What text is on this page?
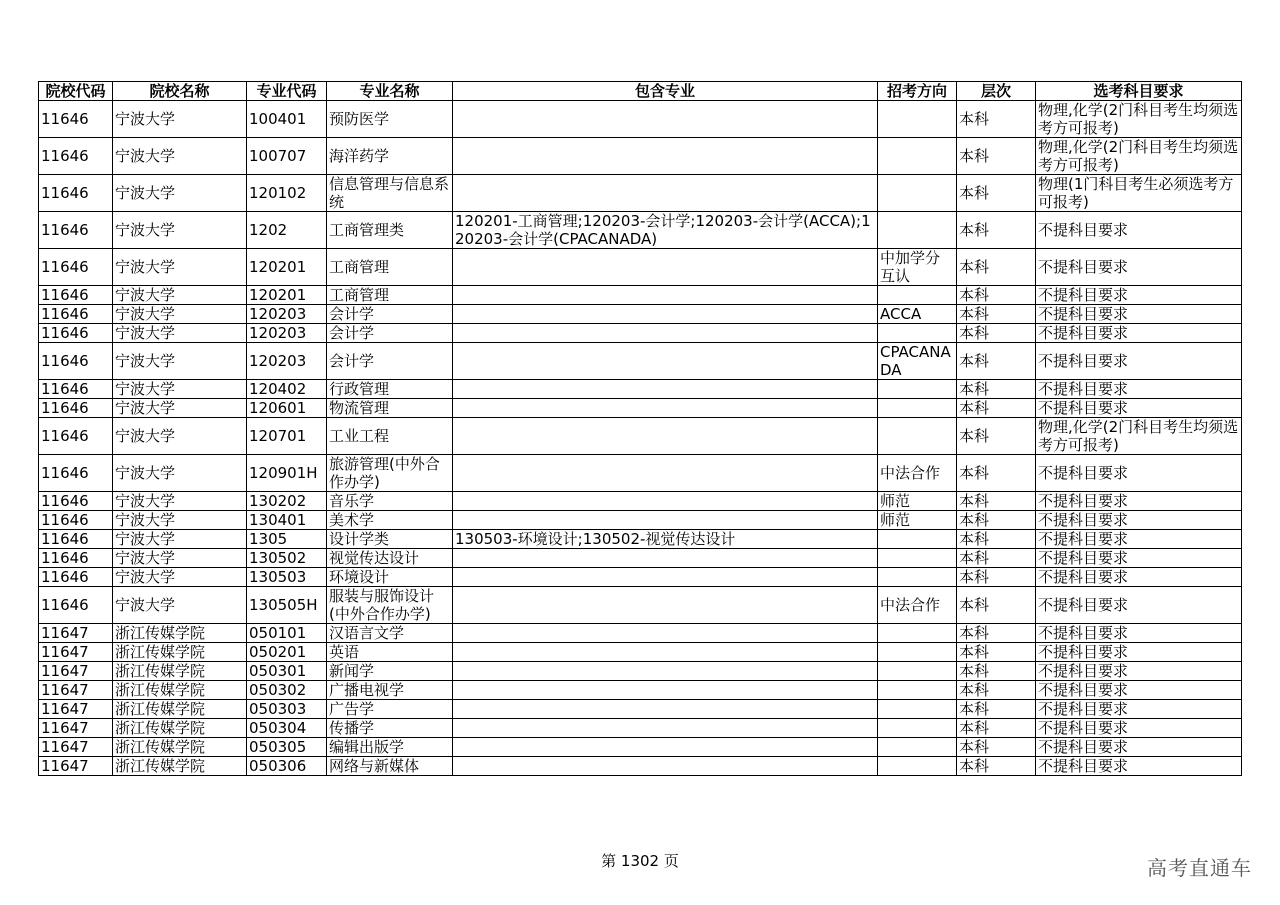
院校代码	院校名称	专业代码	专业名称	包含专业	招考方向	层次	选考科目要求
11646	宁波大学	100401	预防医学			本科	物理,化学(2门科目考生均须选考方可报考)
11646	宁波大学	100707	海洋药学			本科	物理,化学(2门科目考生均须选考方可报考)
11646	宁波大学	120102	信息管理与信息系统			本科	物理(1门科目考生必须选考方可报考)
11646	宁波大学	1202	工商管理类	120201-工商管理;120203-会计学;120203-会计学(ACCA);120203-会计学(CPACANADA)		本科	不提科目要求
11646	宁波大学	120201	工商管理		中加学分互认	本科	不提科目要求
11646	宁波大学	120201	工商管理			本科	不提科目要求
11646	宁波大学	120203	会计学		ACCA	本科	不提科目要求
11646	宁波大学	120203	会计学			本科	不提科目要求
11646	宁波大学	120203	会计学		CPACANADA	本科	不提科目要求
11646	宁波大学	120402	行政管理			本科	不提科目要求
11646	宁波大学	120601	物流管理			本科	不提科目要求
11646	宁波大学	120701	工业工程			本科	物理,化学(2门科目考生均须选考方可报考)
11646	宁波大学	120901H	旅游管理(中外合作办学)		中法合作	本科	不提科目要求
11646	宁波大学	130202	音乐学		师范	本科	不提科目要求
11646	宁波大学	130401	美术学		师范	本科	不提科目要求
11646	宁波大学	1305	设计学类	130503-环境设计;130502-视觉传达设计		本科	不提科目要求
11646	宁波大学	130502	视觉传达设计			本科	不提科目要求
11646	宁波大学	130503	环境设计			本科	不提科目要求
11646	宁波大学	130505H	服装与服饰设计(中外合作办学)		中法合作	本科	不提科目要求
11647	浙江传媒学院	050101	汉语言文学			本科	不提科目要求
11647	浙江传媒学院	050201	英语			本科	不提科目要求
11647	浙江传媒学院	050301	新闻学			本科	不提科目要求
11647	浙江传媒学院	050302	广播电视学			本科	不提科目要求
11647	浙江传媒学院	050303	广告学			本科	不提科目要求
11647	浙江传媒学院	050304	传播学			本科	不提科目要求
11647	浙江传媒学院	050305	编辑出版学			本科	不提科目要求
11647	浙江传媒学院	050306	网络与新媒体			本科	不提科目要求
第 1302 页	高考直通车
